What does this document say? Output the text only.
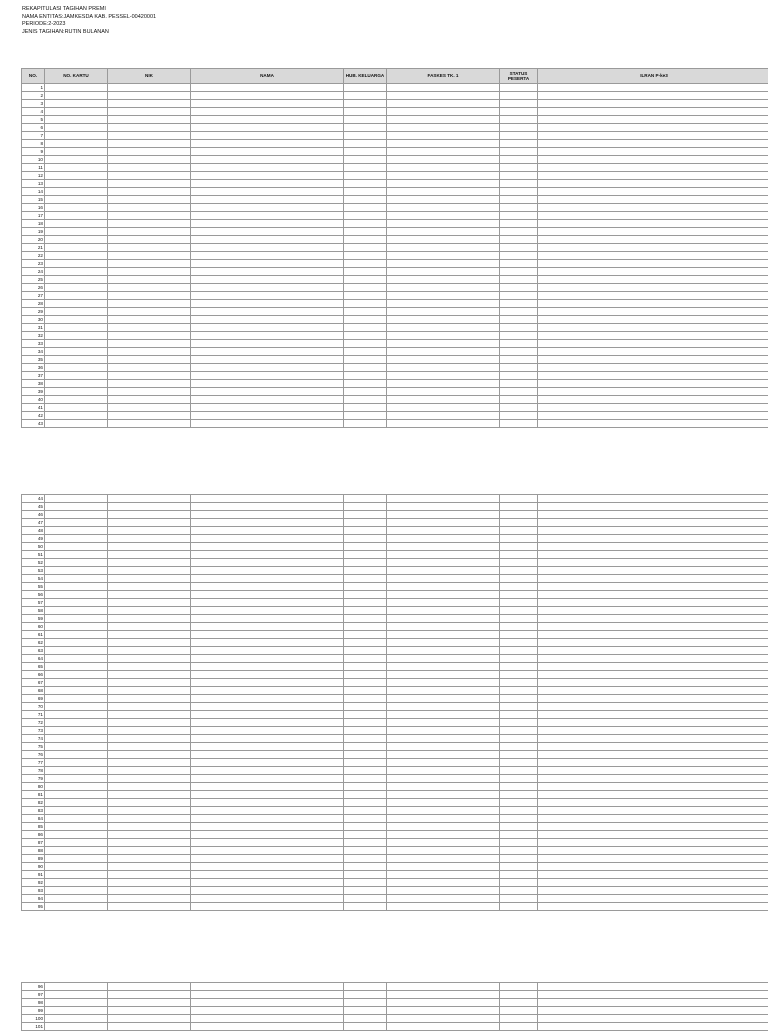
REKAPITULASI TAGIHAN PREMI
NAMA ENTITAS:JAMKESDA KAB. PESSEL-00420001
PERIODE:2-2023
JENIS TAGIHAN:RUTIN BULANAN
NO.	NO. KARTU	NIK	NAMA	HUB. KELUARGA	FASKES TK. 1	STATUS PESERTA	ILRAN P-ke3
1							
2							
3							
4							
5							
6							
7							
8							
9							
10							
11							
12							
13							
14							
15							
16							
17							
18							
19							
20							
21							
22							
23							
24							
25							
26							
27							
28							
29							
30							
31							
32							
33							
34							
35							
36							
37							
38							
39							
40							
41							
42							
43							
44							
45							
46							
47							
48							
49							
50							
51							
52							
53							
54							
55							
56							
57							
58							
59							
60							
61							
62							
63							
64							
65							
66							
67							
68							
69							
70							
71							
72							
73							
74							
75							
76							
77							
78							
79							
80							
81							
82							
83							
84							
85							
86							
87							
88							
89							
90							
91							
92							
93							
94							
95							
96							
97							
98							
99							
100							
101							
